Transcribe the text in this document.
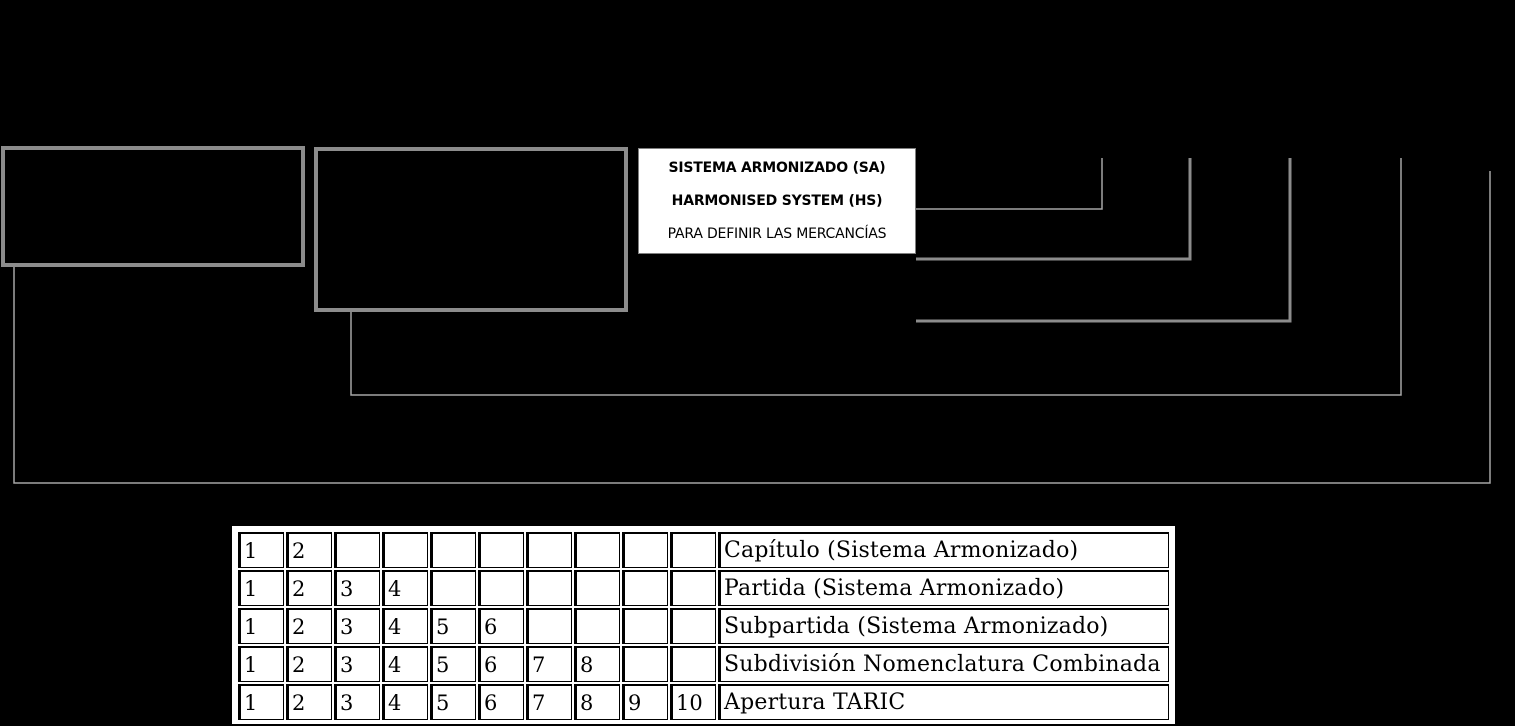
SISTEMA ARMONIZADO (SA)
HARMONISED SYSTEM (HS)
PARA DEFINIR LAS MERCANCÍAS
1	2									Capítulo (Sistema Armonizado)
1	2	3	4							Partida (Sistema Armonizado)
1	2	3	4	5	6					Subpartida (Sistema Armonizado)
1	2	3	4	5	6	7	8			Subdivisión Nomenclatura Combinada
1	2	3	4	5	6	7	8	9	10	Apertura TARIC
